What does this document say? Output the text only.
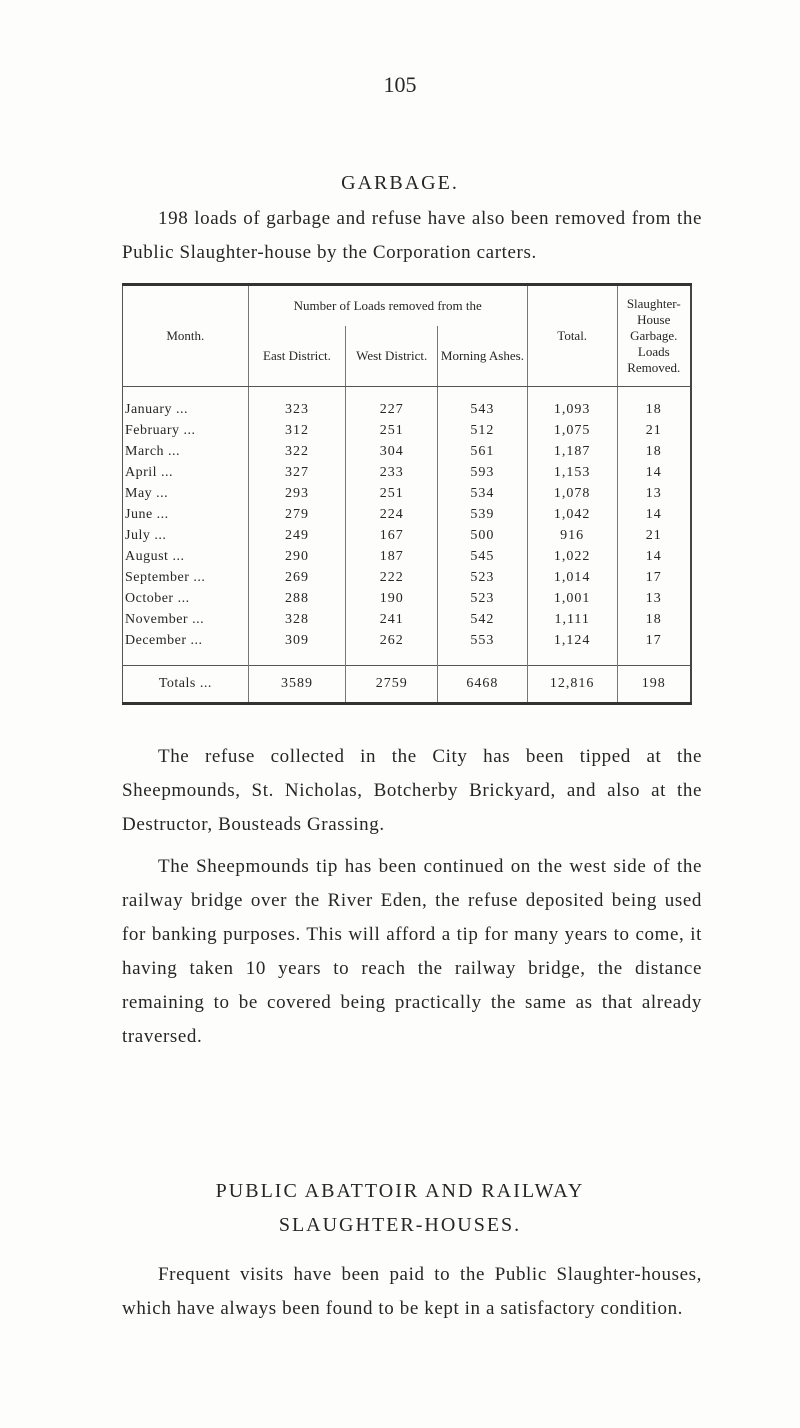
105
GARBAGE.

198 loads of garbage and refuse have also been removed from the Public Slaughter-house by the Corporation carters.

Month.	Number of Loads removed from the			Total.	Slaughter-House Garbage. Loads Removed.
	East District.	West District.	Morning Ashes.		

January ...	323	227	543	1,093	18
February ...	312	251	512	1,075	21
March ...	322	304	561	1,187	18
April ...	327	233	593	1,153	14
May ...	293	251	534	1,078	13
June ...	279	224	539	1,042	14
July ...	249	167	500	916	21
August ...	290	187	545	1,022	14
September ...	269	222	523	1,014	17
October ...	288	190	523	1,001	13
November ...	328	241	542	1,111	18
December ...	309	262	553	1,124	17

Totals ...	3589	2759	6468	12,816	198

The refuse collected in the City has been tipped at the Sheepmounds, St. Nicholas, Botcherby Brickyard, and also at the Destructor, Bousteads Grassing.

The Sheepmounds tip has been continued on the west side of the railway bridge over the River Eden, the refuse deposited being used for banking purposes. This will afford a tip for many years to come, it having taken 10 years to reach the railway bridge, the distance remaining to be covered being practically the same as that already traversed.

PUBLIC ABATTOIR AND RAILWAY
SLAUGHTER-HOUSES.

Frequent visits have been paid to the Public Slaughter-houses, which have always been found to be kept in a satisfactory condition.
